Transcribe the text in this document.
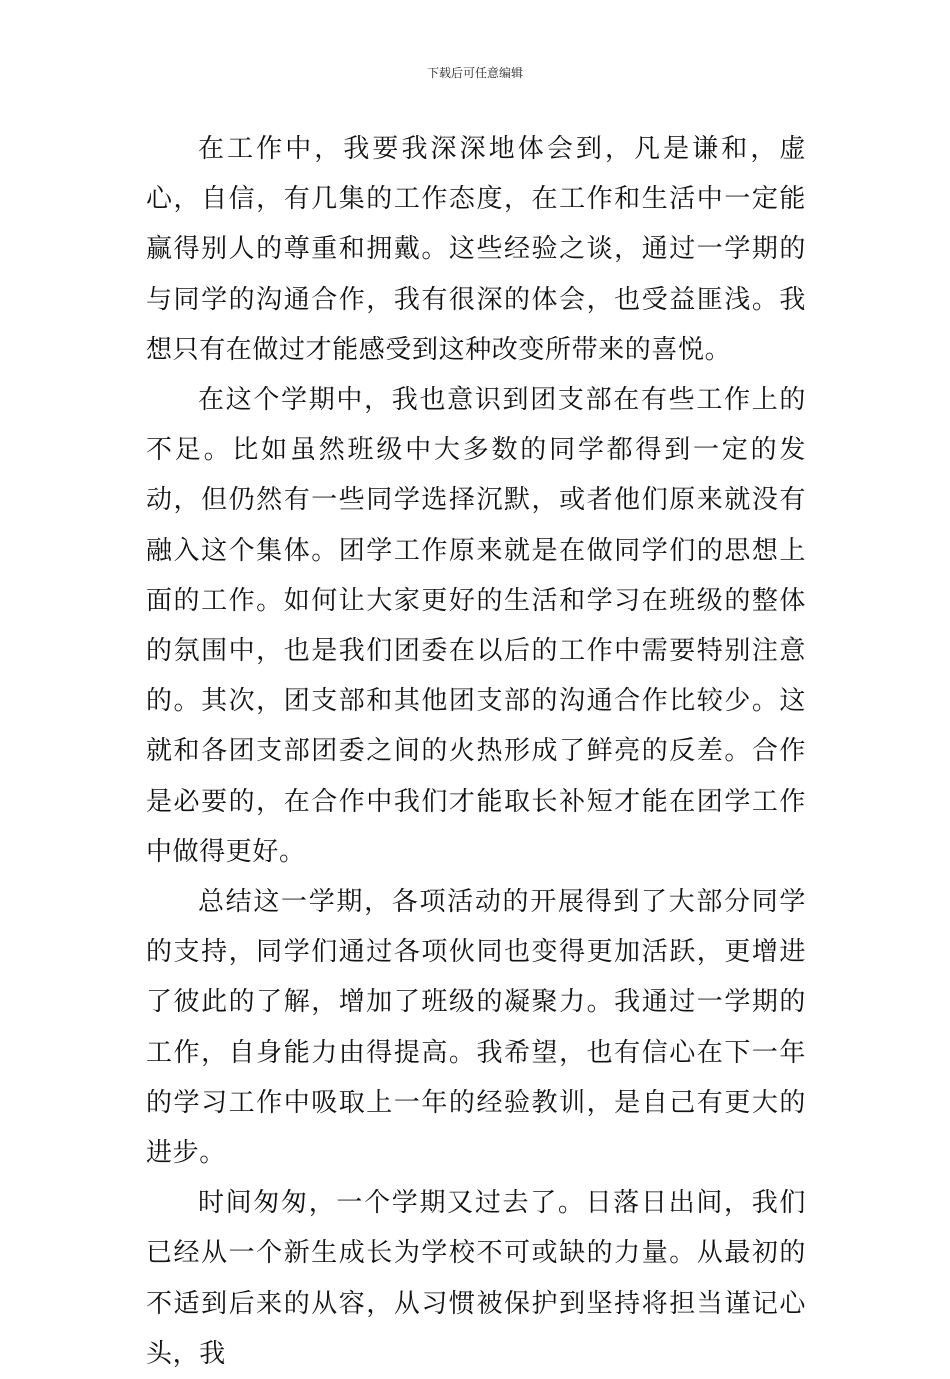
下载后可任意编辑

在工作中，我要我深深地体会到，凡是谦和，虚心，自信，有几集的工作态度，在工作和生活中一定能赢得别人的尊重和拥戴。这些经验之谈，通过一学期的与同学的沟通合作，我有很深的体会，也受益匪浅。我想只有在做过才能感受到这种改变所带来的喜悦。

在这个学期中，我也意识到团支部在有些工作上的不足。比如虽然班级中大多数的同学都得到一定的发动，但仍然有一些同学选择沉默，或者他们原来就没有融入这个集体。团学工作原来就是在做同学们的思想上面的工作。如何让大家更好的生活和学习在班级的整体的氛围中，也是我们团委在以后的工作中需要特别注意的。其次，团支部和其他团支部的沟通合作比较少。这就和各团支部团委之间的火热形成了鲜亮的反差。合作是必要的，在合作中我们才能取长补短才能在团学工作中做得更好。

总结这一学期，各项活动的开展得到了大部分同学的支持，同学们通过各项伙同也变得更加活跃，更增进了彼此的了解，增加了班级的凝聚力。我通过一学期的工作，自身能力由得提高。我希望，也有信心在下一年的学习工作中吸取上一年的经验教训，是自己有更大的进步。

时间匆匆，一个学期又过去了。日落日出间，我们已经从一个新生成长为学校不可或缺的力量。从最初的不适到后来的从容，从习惯被保护到坚持将担当谨记心头，我
